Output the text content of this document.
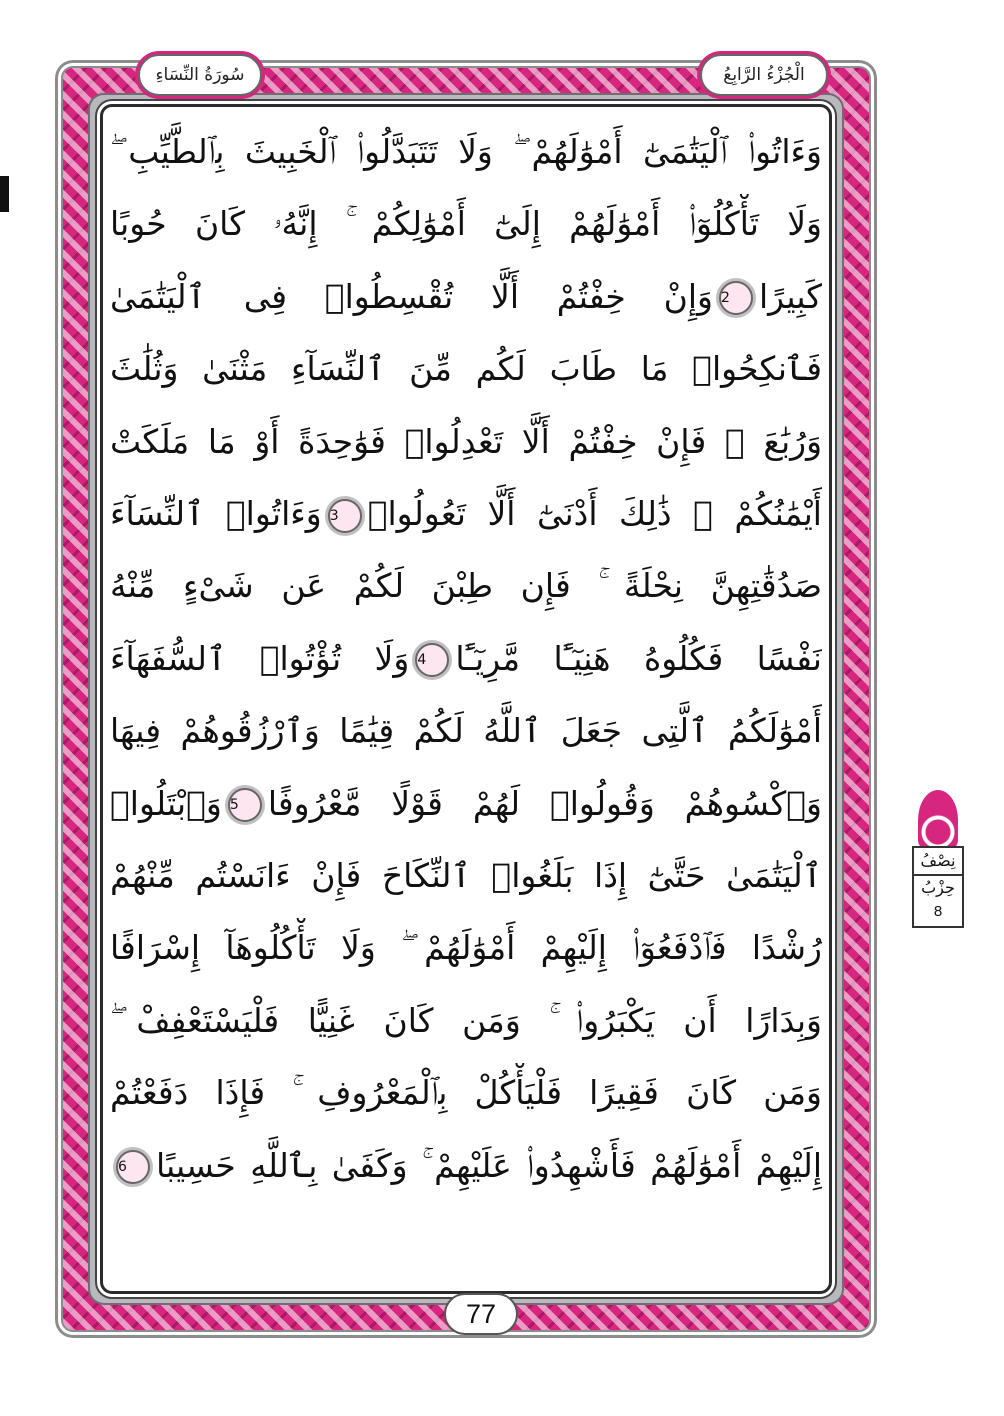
الْجُزْءُ الرَّابِعُ
سُورَةُ النِّسَاءِ
وَءَاتُوا۟ ٱلْيَتَٰمَىٰٓ أَمْوَٰلَهُمْ ۖ وَلَا تَتَبَدَّلُوا۟ ٱلْخَبِيثَ بِٱلطَّيِّبِ ۖ
وَلَا تَأْكُلُوٓا۟ أَمْوَٰلَهُمْ إِلَىٰٓ أَمْوَٰلِكُمْ ۚ إِنَّهُۥ كَانَ حُوبًا
كَبِيرًا2وَإِنْ خِفْتُمْ أَلَّا تُقْسِطُوا۟ فِى ٱلْيَتَٰمَىٰ
فَٱنكِحُوا۟ مَا طَابَ لَكُم مِّنَ ٱلنِّسَآءِ مَثْنَىٰ وَثُلَٰثَ
وَرُبَٰعَ ۖ فَإِنْ خِفْتُمْ أَلَّا تَعْدِلُوا۟ فَوَٰحِدَةً أَوْ مَا مَلَكَتْ
أَيْمَٰنُكُمْ ۚ ذَٰلِكَ أَدْنَىٰٓ أَلَّا تَعُولُوا۟3وَءَاتُوا۟ ٱلنِّسَآءَ
صَدُقَٰتِهِنَّ نِحْلَةً ۚ فَإِن طِبْنَ لَكُمْ عَن شَىْءٍ مِّنْهُ
نَفْسًا فَكُلُوهُ هَنِيٓـًٔا مَّرِيٓـًٔا4وَلَا تُؤْتُوا۟ ٱلسُّفَهَآءَ
أَمْوَٰلَكُمُ ٱلَّتِى جَعَلَ ٱللَّهُ لَكُمْ قِيَٰمًا وَٱرْزُقُوهُمْ فِيهَا
وَٱكْسُوهُمْ وَقُولُوا۟ لَهُمْ قَوْلًا مَّعْرُوفًا5وَٱبْتَلُوا۟
ٱلْيَتَٰمَىٰ حَتَّىٰٓ إِذَا بَلَغُوا۟ ٱلنِّكَاحَ فَإِنْ ءَانَسْتُم مِّنْهُمْ
رُشْدًا فَٱدْفَعُوٓا۟ إِلَيْهِمْ أَمْوَٰلَهُمْ ۖ وَلَا تَأْكُلُوهَآ إِسْرَافًا
وَبِدَارًا أَن يَكْبَرُوا۟ ۚ وَمَن كَانَ غَنِيًّا فَلْيَسْتَعْفِفْ ۖ
وَمَن كَانَ فَقِيرًا فَلْيَأْكُلْ بِٱلْمَعْرُوفِ ۚ فَإِذَا دَفَعْتُمْ
إِلَيْهِمْ أَمْوَٰلَهُمْ فَأَشْهِدُوا۟ عَلَيْهِمْ ۚ وَكَفَىٰ بِٱللَّهِ حَسِيبًا6
77
نِصْفُ
حِزْبُ
8
